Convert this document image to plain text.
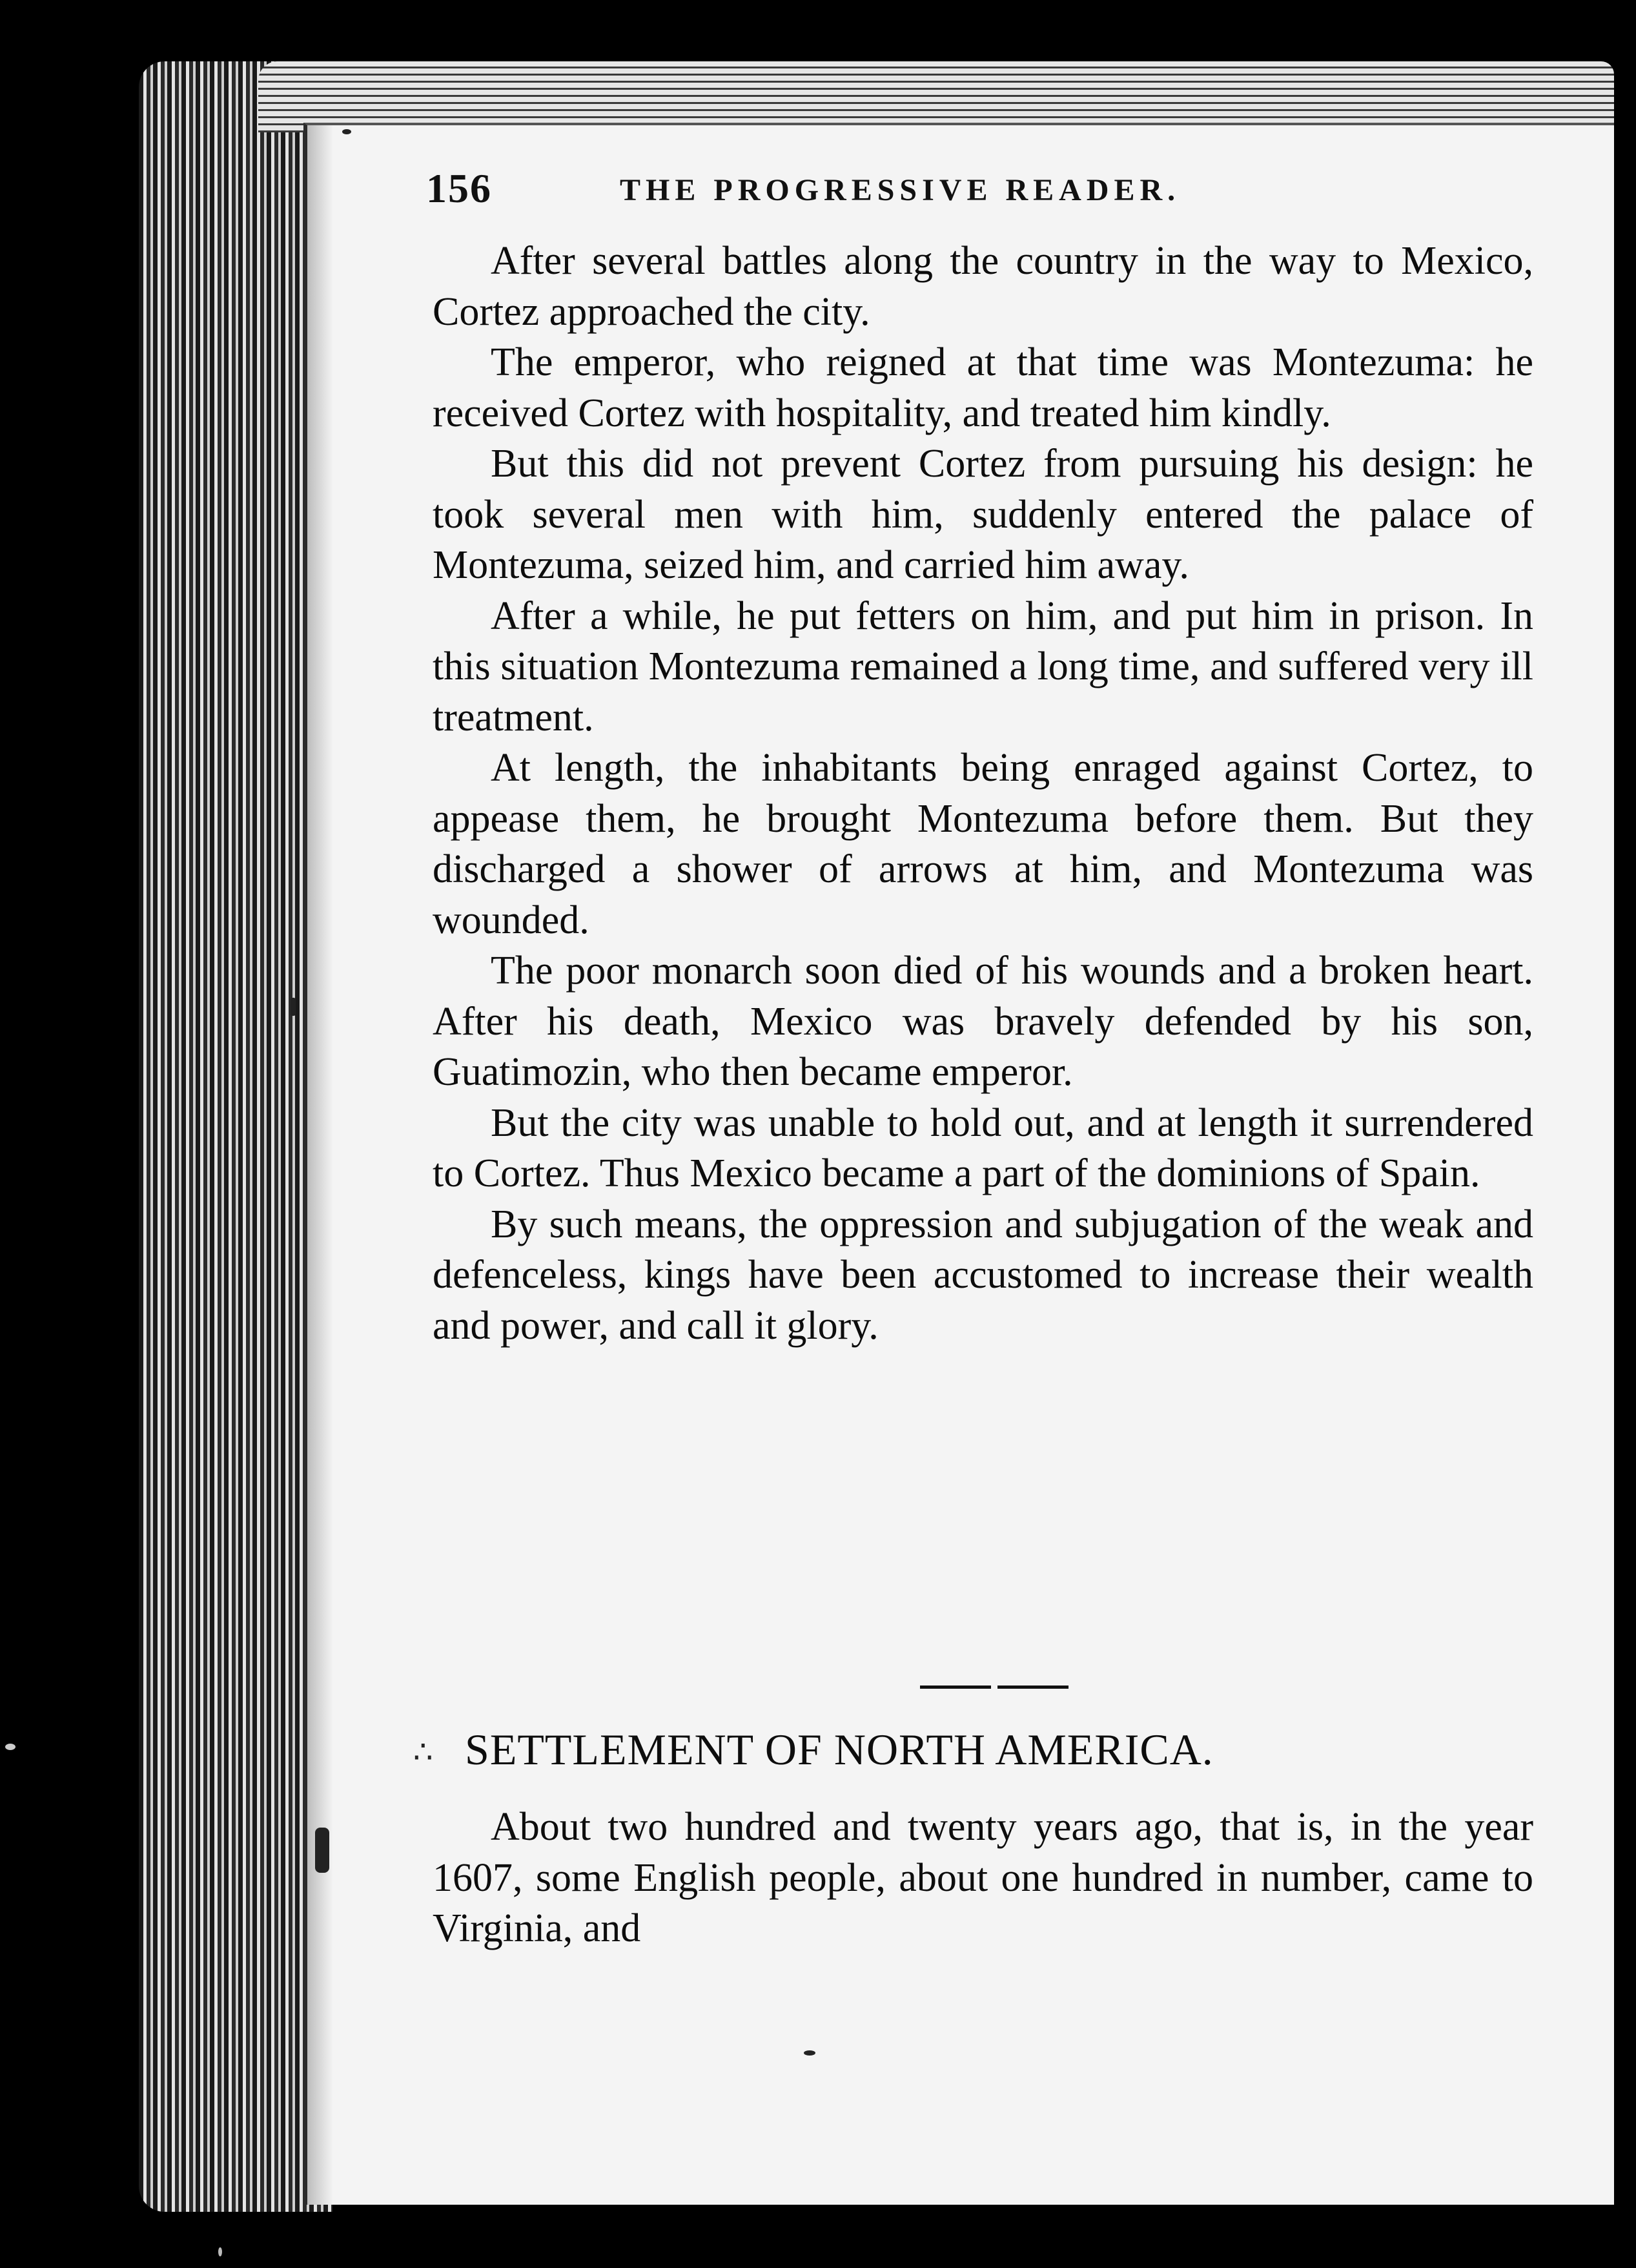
156	THE PROGRESSIVE READER.

After several battles along the country in the way to Mexico, Cortez approached the city.

The emperor, who reigned at that time was Montezuma: he received Cortez with hospitality, and treated him kindly.

But this did not prevent Cortez from pursuing his design: he took several men with him, suddenly entered the palace of Montezuma, seized him, and carried him away.

After a while, he put fetters on him, and put him in prison. In this situation Montezuma remained a long time, and suffered very ill treatment.

At length, the inhabitants being enraged against Cortez, to appease them, he brought Montezuma before them. But they discharged a shower of arrows at him, and Montezuma was wounded.

The poor monarch soon died of his wounds and a broken heart. After his death, Mexico was bravely defended by his son, Guatimozin, who then became emperor.

But the city was unable to hold out, and at length it surrendered to Cortez. Thus Mexico became a part of the dominions of Spain.

By such means, the oppression and subjugation of the weak and defenceless, kings have been accustomed to increase their wealth and power, and call it glory.

∴ SETTLEMENT OF NORTH AMERICA.

About two hundred and twenty years ago, that is, in the year 1607, some English people, about one hundred in number, came to Virginia, and
